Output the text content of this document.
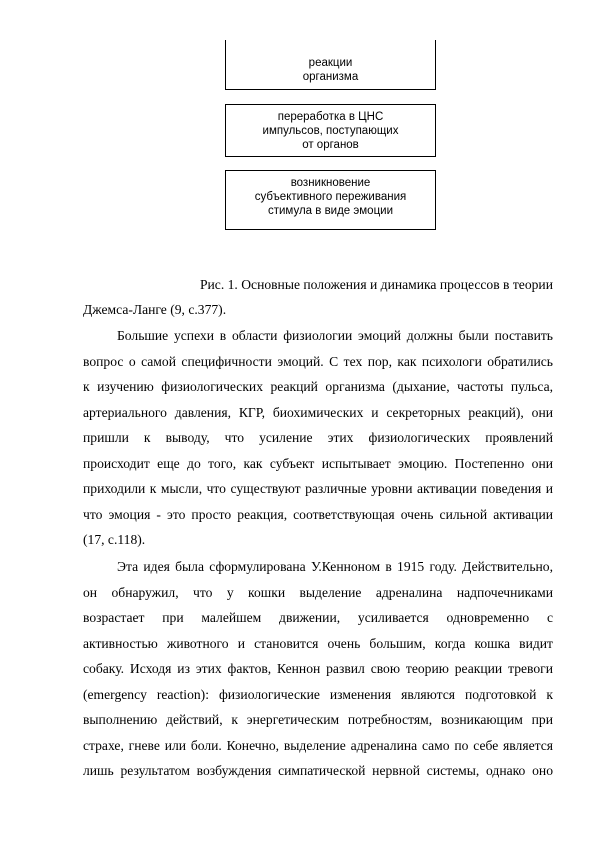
реакции
организма
переработка в ЦНС
импульсов, поступающих
от органов
возникновение
субъективного переживания
стимула в виде эмоции
Рис. 1. Основные положения и динамика процессов в теории
Джемса-Ланге (9, с.377).
Большие успехи в области физиологии эмоций должны были поставить
вопрос о самой специфичности эмоций. С тех пор, как психологи обратились
к изучению физиологических реакций организма (дыхание, частоты пульса,
артериального давления, КГР, биохимических и секреторных реакций), они
пришли к выводу, что усиление этих физиологических проявлений
происходит еще до того, как субъект испытывает эмоцию. Постепенно они
приходили к мысли, что существуют различные уровни активации поведения и
что эмоция - это просто реакция, соответствующая очень сильной активации
(17, с.118).
Эта идея была сформулирована У.Кенноном в 1915 году. Действительно,
он обнаружил, что у кошки выделение адреналина надпочечниками
возрастает при малейшем движении, усиливается одновременно с
активностью животного и становится очень большим, когда кошка видит
собаку. Исходя из этих фактов, Кеннон развил свою теорию реакции тревоги
(emergency reaction): физиологические изменения являются подготовкой к
выполнению действий, к энергетическим потребностям, возникающим при
страхе, гневе или боли. Конечно, выделение адреналина само по себе является
лишь результатом возбуждения симпатической нервной системы, однако оно
